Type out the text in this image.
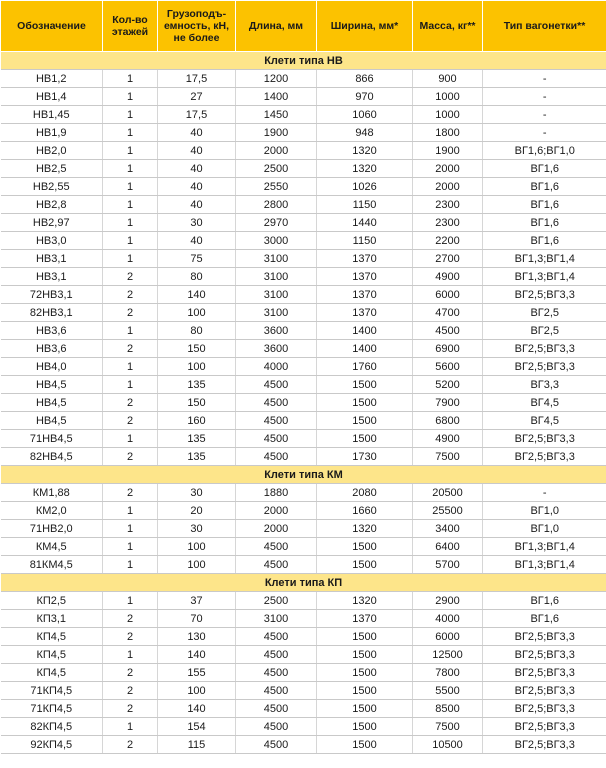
Обозначение	Кол-во этажей	Грузоподъ- емность, кН, не более	Длина, мм	Ширина, мм*	Масса, кг**	Тип вагонетки**
Клети типа НВ						
НВ1,2	1	17,5	1200	866	900	-
НВ1,4	1	27	1400	970	1000	-
НВ1,45	1	17,5	1450	1060	1000	-
НВ1,9	1	40	1900	948	1800	-
НВ2,0	1	40	2000	1320	1900	ВГ1,6;ВГ1,0
НВ2,5	1	40	2500	1320	2000	ВГ1,6
НВ2,55	1	40	2550	1026	2000	ВГ1,6
НВ2,8	1	40	2800	1150	2300	ВГ1,6
НВ2,97	1	30	2970	1440	2300	ВГ1,6
НВ3,0	1	40	3000	1150	2200	ВГ1,6
НВ3,1	1	75	3100	1370	2700	ВГ1,3;ВГ1,4
НВ3,1	2	80	3100	1370	4900	ВГ1,3;ВГ1,4
72НВ3,1	2	140	3100	1370	6000	ВГ2,5;ВГ3,3
82НВ3,1	2	100	3100	1370	4700	ВГ2,5
НВ3,6	1	80	3600	1400	4500	ВГ2,5
НВ3,6	2	150	3600	1400	6900	ВГ2,5;ВГ3,3
НВ4,0	1	100	4000	1760	5600	ВГ2,5;ВГ3,3
НВ4,5	1	135	4500	1500	5200	ВГ3,3
НВ4,5	2	150	4500	1500	7900	ВГ4,5
НВ4,5	2	160	4500	1500	6800	ВГ4,5
71НВ4,5	1	135	4500	1500	4900	ВГ2,5;ВГ3,3
82НВ4,5	2	135	4500	1730	7500	ВГ2,5;ВГ3,3
Клети типа КМ						
КМ1,88	2	30	1880	2080	20500	-
КМ2,0	1	20	2000	1660	25500	ВГ1,0
71НВ2,0	1	30	2000	1320	3400	ВГ1,0
КМ4,5	1	100	4500	1500	6400	ВГ1,3;ВГ1,4
81КМ4,5	1	100	4500	1500	5700	ВГ1,3;ВГ1,4
Клети типа КП						
КП2,5	1	37	2500	1320	2900	ВГ1,6
КП3,1	2	70	3100	1370	4000	ВГ1,6
КП4,5	2	130	4500	1500	6000	ВГ2,5;ВГ3,3
КП4,5	1	140	4500	1500	12500	ВГ2,5;ВГ3,3
КП4,5	2	155	4500	1500	7800	ВГ2,5;ВГ3,3
71КП4,5	2	100	4500	1500	5500	ВГ2,5;ВГ3,3
71КП4,5	2	140	4500	1500	8500	ВГ2,5;ВГ3,3
82КП4,5	1	154	4500	1500	7500	ВГ2,5;ВГ3,3
92КП4,5	2	115	4500	1500	10500	ВГ2,5;ВГ3,3
